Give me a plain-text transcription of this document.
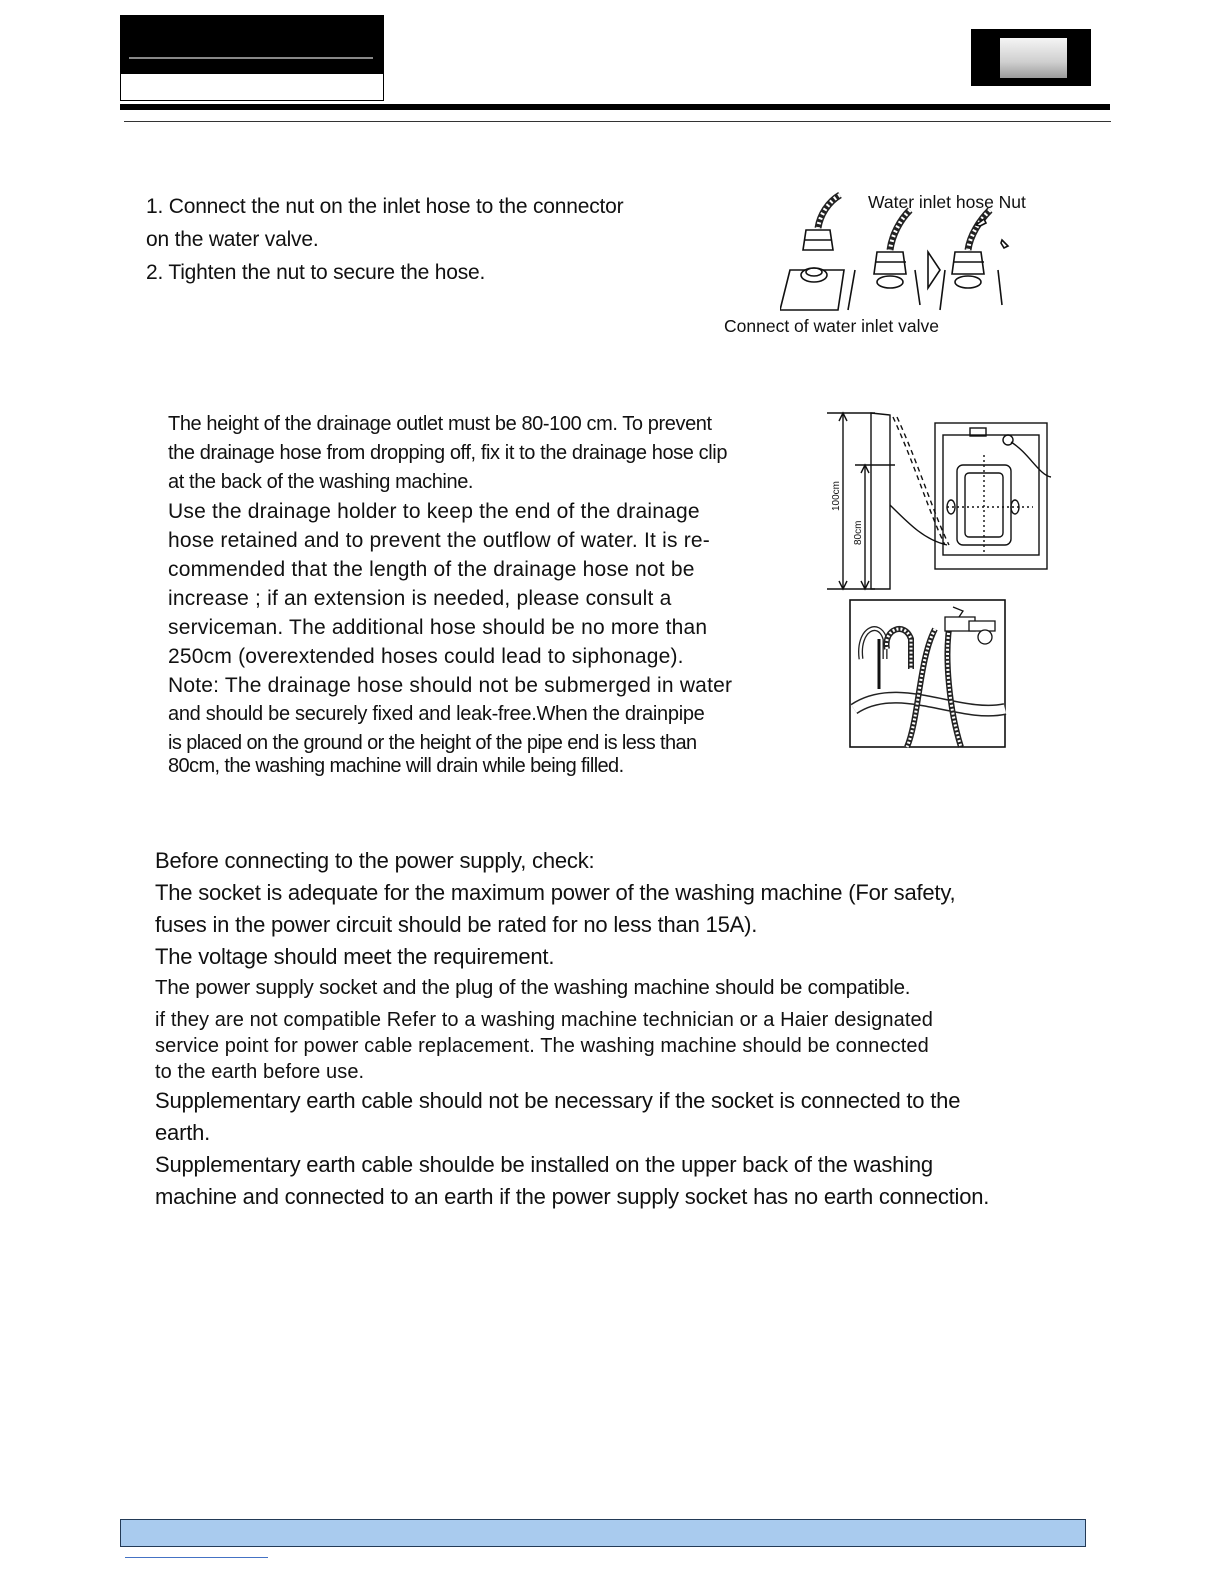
1. Connect the nut on the inlet hose to the connector

on the water valve.

2. Tighten the nut to secure the hose.

Water inlet hose Nut
Connect of water inlet valve

The height of the drainage outlet must be 80-100 cm. To prevent

the drainage hose from dropping off, fix it to the drainage hose clip

at the back of the washing machine.

Use the drainage holder to keep the end of the drainage

hose retained and to prevent the outflow of water. It is re-

commended that the length of the drainage hose not be

increase ; if an extension is needed, please consult a

serviceman. The additional hose should be no more than

250cm (overextended hoses could lead to siphonage).

Note: The drainage hose should not be submerged in water

and should be securely fixed and leak-free.When the drainpipe

is placed on the ground or the height of the pipe end is less than

80cm, the washing machine will drain while being filled.

100cm
80cm

Before connecting to the power supply, check:

The socket is adequate for the maximum power of the washing machine (For safety,

fuses in the power circuit should be rated for no less than 15A).

The voltage should meet the requirement.

The power supply socket and the plug of the washing machine should be compatible.

if they are not compatible Refer to a washing machine technician or a Haier designated

service point for power cable replacement. The washing machine should be connected

to the earth before use.

Supplementary earth cable should not be necessary if the socket is connected to the

earth.

Supplementary earth cable shoulde be installed on the upper back of the washing

machine and connected to an earth if the power supply socket has no earth connection.
